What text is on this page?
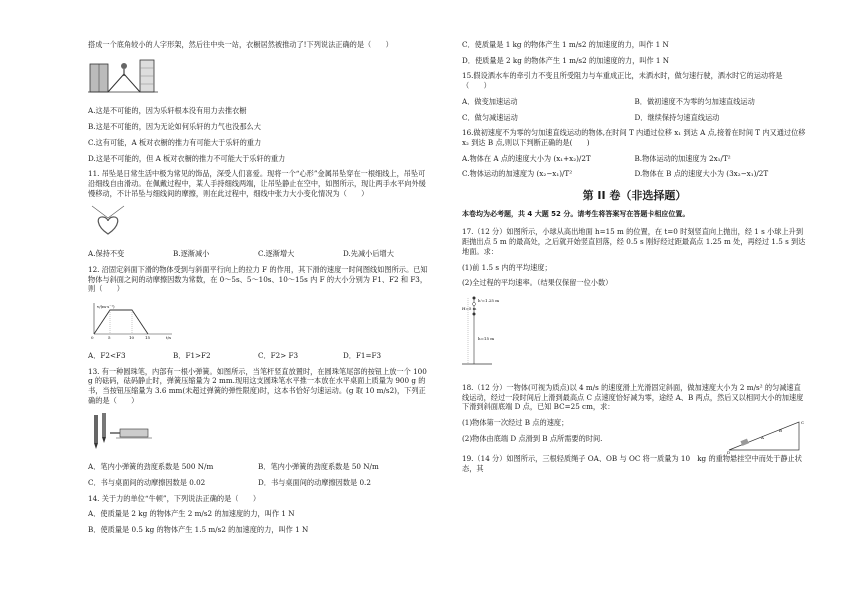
搭成一个底角较小的人字形架，然后往中央一站，衣橱居然被推动了!下列说法正确的是（　　）
A.这是不可能的，因为乐轩根本没有用力去推衣橱
B.这是不可能的，因为无论如何乐轩的力气也没那么大
C.这有可能，A 板对衣橱的推力有可能大于乐轩的重力
D.这是不可能的，但 A 板对衣橱的推力不可能大于乐轩的重力
11. 吊坠是日常生活中极为常见的饰品，深受人们喜爱。现将一个“心形”金属吊坠穿在一根细线上，吊坠可沿细线自由滑动。在佩戴过程中，某人手持细线两端，让吊坠静止在空中，如图所示，现让两手水平向外缓慢移动，不计吊坠与细线间的摩擦，则在此过程中，细线中张力大小变化情况为（　　）
A.保持不变	B.逐渐减小	C.逐渐增大	D.先减小后增大
12. 沿固定斜面下滑的物体受到与斜面平行向上的拉力 F 的作用，其下滑的速度一时间图线如图所示。已知物体与斜面之间的动摩擦因数为常数，在 0～5s、5～10s、10～15s 内 F 的大小分别为 F1、F2 和 F3，则（　　）
v/(m·s⁻¹)
t/s
0	5	10	15
A．F2<F3	B．F1>F2	C．F2> F3	D．F1=F3
13. 有一种圆珠笔，内部有一根小弹簧。如图所示，当笔杆竖直放置时，在圆珠笔尾部的按钮上放一个 100 g 的砝码，砝码静止时，弹簧压缩量为 2 mm.现用这支圆珠笔水平推一本放在水平桌面上质量为 900 g 的书，当按钮压缩量为 3.6 mm(未超过弹簧的弹性限度)时，这本书恰好匀速运动。(g 取 10 m/s2)，下列正确的是（　　）
A．笔内小弹簧的劲度系数是 500 N/m	B．笔内小弹簧的劲度系数是 50 N/m
C．书与桌面间的动摩擦因数是 0.02	D．书与桌面间的动摩擦因数是 0.2
14. 关于力的单位“牛顿”，下列说法正确的是（　　）
A．使质量是 2 kg 的物体产生 2 m/s2 的加速度的力，叫作 1 N
B．使质量是 0.5 kg 的物体产生 1.5 m/s2 的加速度的力，叫作 1 N
C．使质量是 1 kg 的物体产生 1 m/s2 的加速度的力，叫作 1 N
D．使质量是 2 kg 的物体产生 1 m/s2 的加速度的力，叫作 1 N
15.假设洒水车的牵引力不变且所受阻力与车重成正比，未洒水时，做匀速行驶，洒水时它的运动将是（　　）
A．做变加速运动	B．做初速度不为零的匀加速直线运动
C．做匀减速运动	D．继续保持匀速直线运动
16.做初速度不为零的匀加速直线运动的物体,在时间 T 内通过位移 x₁ 到达 A 点,接着在时间 T 内又通过位移 x₂ 到达 B 点,则以下判断正确的是(　　)
A.物体在 A 点的速度大小为 (x₁+x₂)/2T	B.物体运动的加速度为 2x₁/T²
C.物体运动的加速度为 (x₂−x₁)/T²	D.物体在 B 点的速度大小为 (3x₂−x₁)/2T
第 II 卷（非选择题）
本卷均为必考题，共 4 大题 52 分。请考生将答案写在答题卡相应位置。
17.（12 分）如图所示，小球从高出地面 h=15 m 的位置，在 t=0 时刻竖直向上抛出，经 1 s 小球上升到距抛出点 5 m 的最高处，之后就开始竖直回落，经 0.5 s 刚好经过距最高点 1.25 m 处，再经过 1.5 s 到达地面。求：
(1)前 1.5 s 内的平均速度；
(2)全过程的平均速率。（结果仅保留一位小数）
h'=1.25 m
H=5 m
h=15 m
18.（12 分）一物体(可视为质点)以 4 m/s 的速度滑上光滑固定斜面，做加速度大小为 2 m/s² 的匀减速直线运动，经过一段时间后上滑到最高点 C 点速度恰好减为零，途经 A、B 两点，然后又以相同大小的加速度下滑到斜面底端 D 点，已知 BC=25 cm，求：
(1)物体第一次经过 B 点的速度；
(2)物体由底端 D 点滑到 B 点所需要的时间.
C
B
A
D
19.（14 分）如图所示，三根轻质绳子 OA、OB 与 OC 将一质量为 10　kg 的重物悬挂空中而处于静止状态，其
